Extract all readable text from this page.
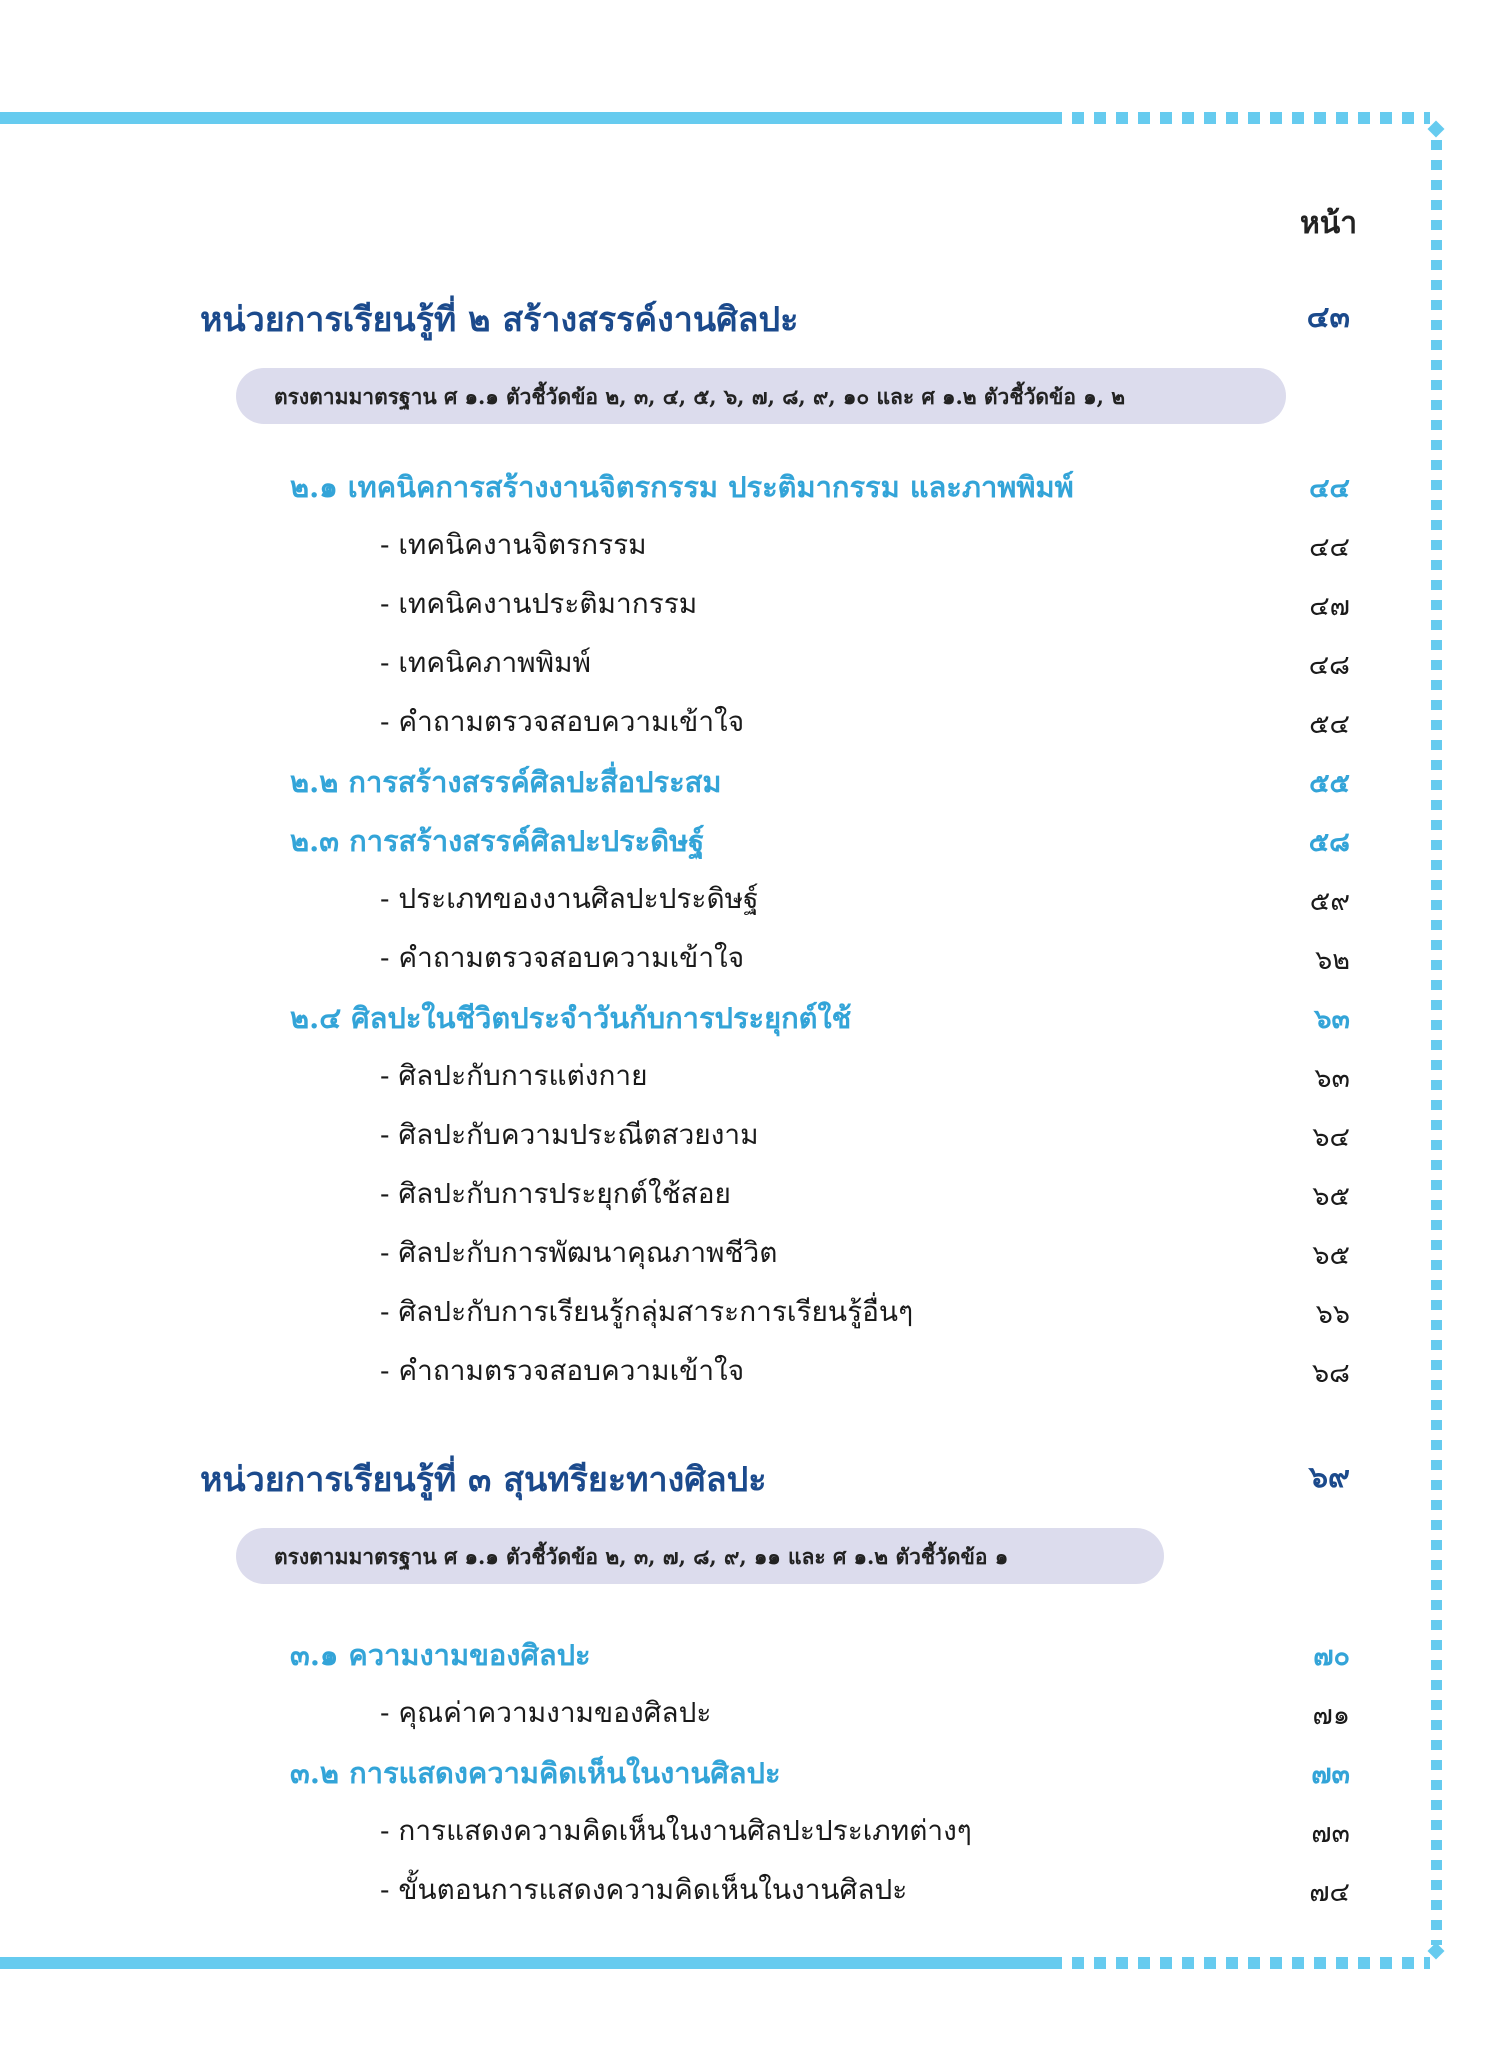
หน้า
หน่วยการเรียนรู้ที่ ๒ สร้างสรรค์งานศิลปะ	๔๓
ตรงตามมาตรฐาน ศ ๑.๑ ตัวชี้วัดข้อ ๒, ๓, ๔, ๕, ๖, ๗, ๘, ๙, ๑๐ และ ศ ๑.๒ ตัวชี้วัดข้อ ๑, ๒
๒.๑ เทคนิคการสร้างงานจิตรกรรม ประติมากรรม และภาพพิมพ์	๔๔
- เทคนิคงานจิตรกรรม	๔๔
- เทคนิคงานประติมากรรม	๔๗
- เทคนิคภาพพิมพ์	๔๘
- คำถามตรวจสอบความเข้าใจ	๕๔
๒.๒ การสร้างสรรค์ศิลปะสื่อประสม	๕๕
๒.๓ การสร้างสรรค์ศิลปะประดิษฐ์	๕๘
- ประเภทของงานศิลปะประดิษฐ์	๕๙
- คำถามตรวจสอบความเข้าใจ	๖๒
๒.๔ ศิลปะในชีวิตประจำวันกับการประยุกต์ใช้	๖๓
- ศิลปะกับการแต่งกาย	๖๓
- ศิลปะกับความประณีตสวยงาม	๖๔
- ศิลปะกับการประยุกต์ใช้สอย	๖๕
- ศิลปะกับการพัฒนาคุณภาพชีวิต	๖๕
- ศิลปะกับการเรียนรู้กลุ่มสาระการเรียนรู้อื่นๆ	๖๖
- คำถามตรวจสอบความเข้าใจ	๖๘
หน่วยการเรียนรู้ที่ ๓ สุนทรียะทางศิลปะ	๖๙
ตรงตามมาตรฐาน ศ ๑.๑ ตัวชี้วัดข้อ ๒, ๓, ๗, ๘, ๙, ๑๑ และ ศ ๑.๒ ตัวชี้วัดข้อ ๑
๓.๑ ความงามของศิลปะ	๗๐
- คุณค่าความงามของศิลปะ	๗๑
๓.๒ การแสดงความคิดเห็นในงานศิลปะ	๗๓
- การแสดงความคิดเห็นในงานศิลปะประเภทต่างๆ	๗๓
- ขั้นตอนการแสดงความคิดเห็นในงานศิลปะ	๗๔
